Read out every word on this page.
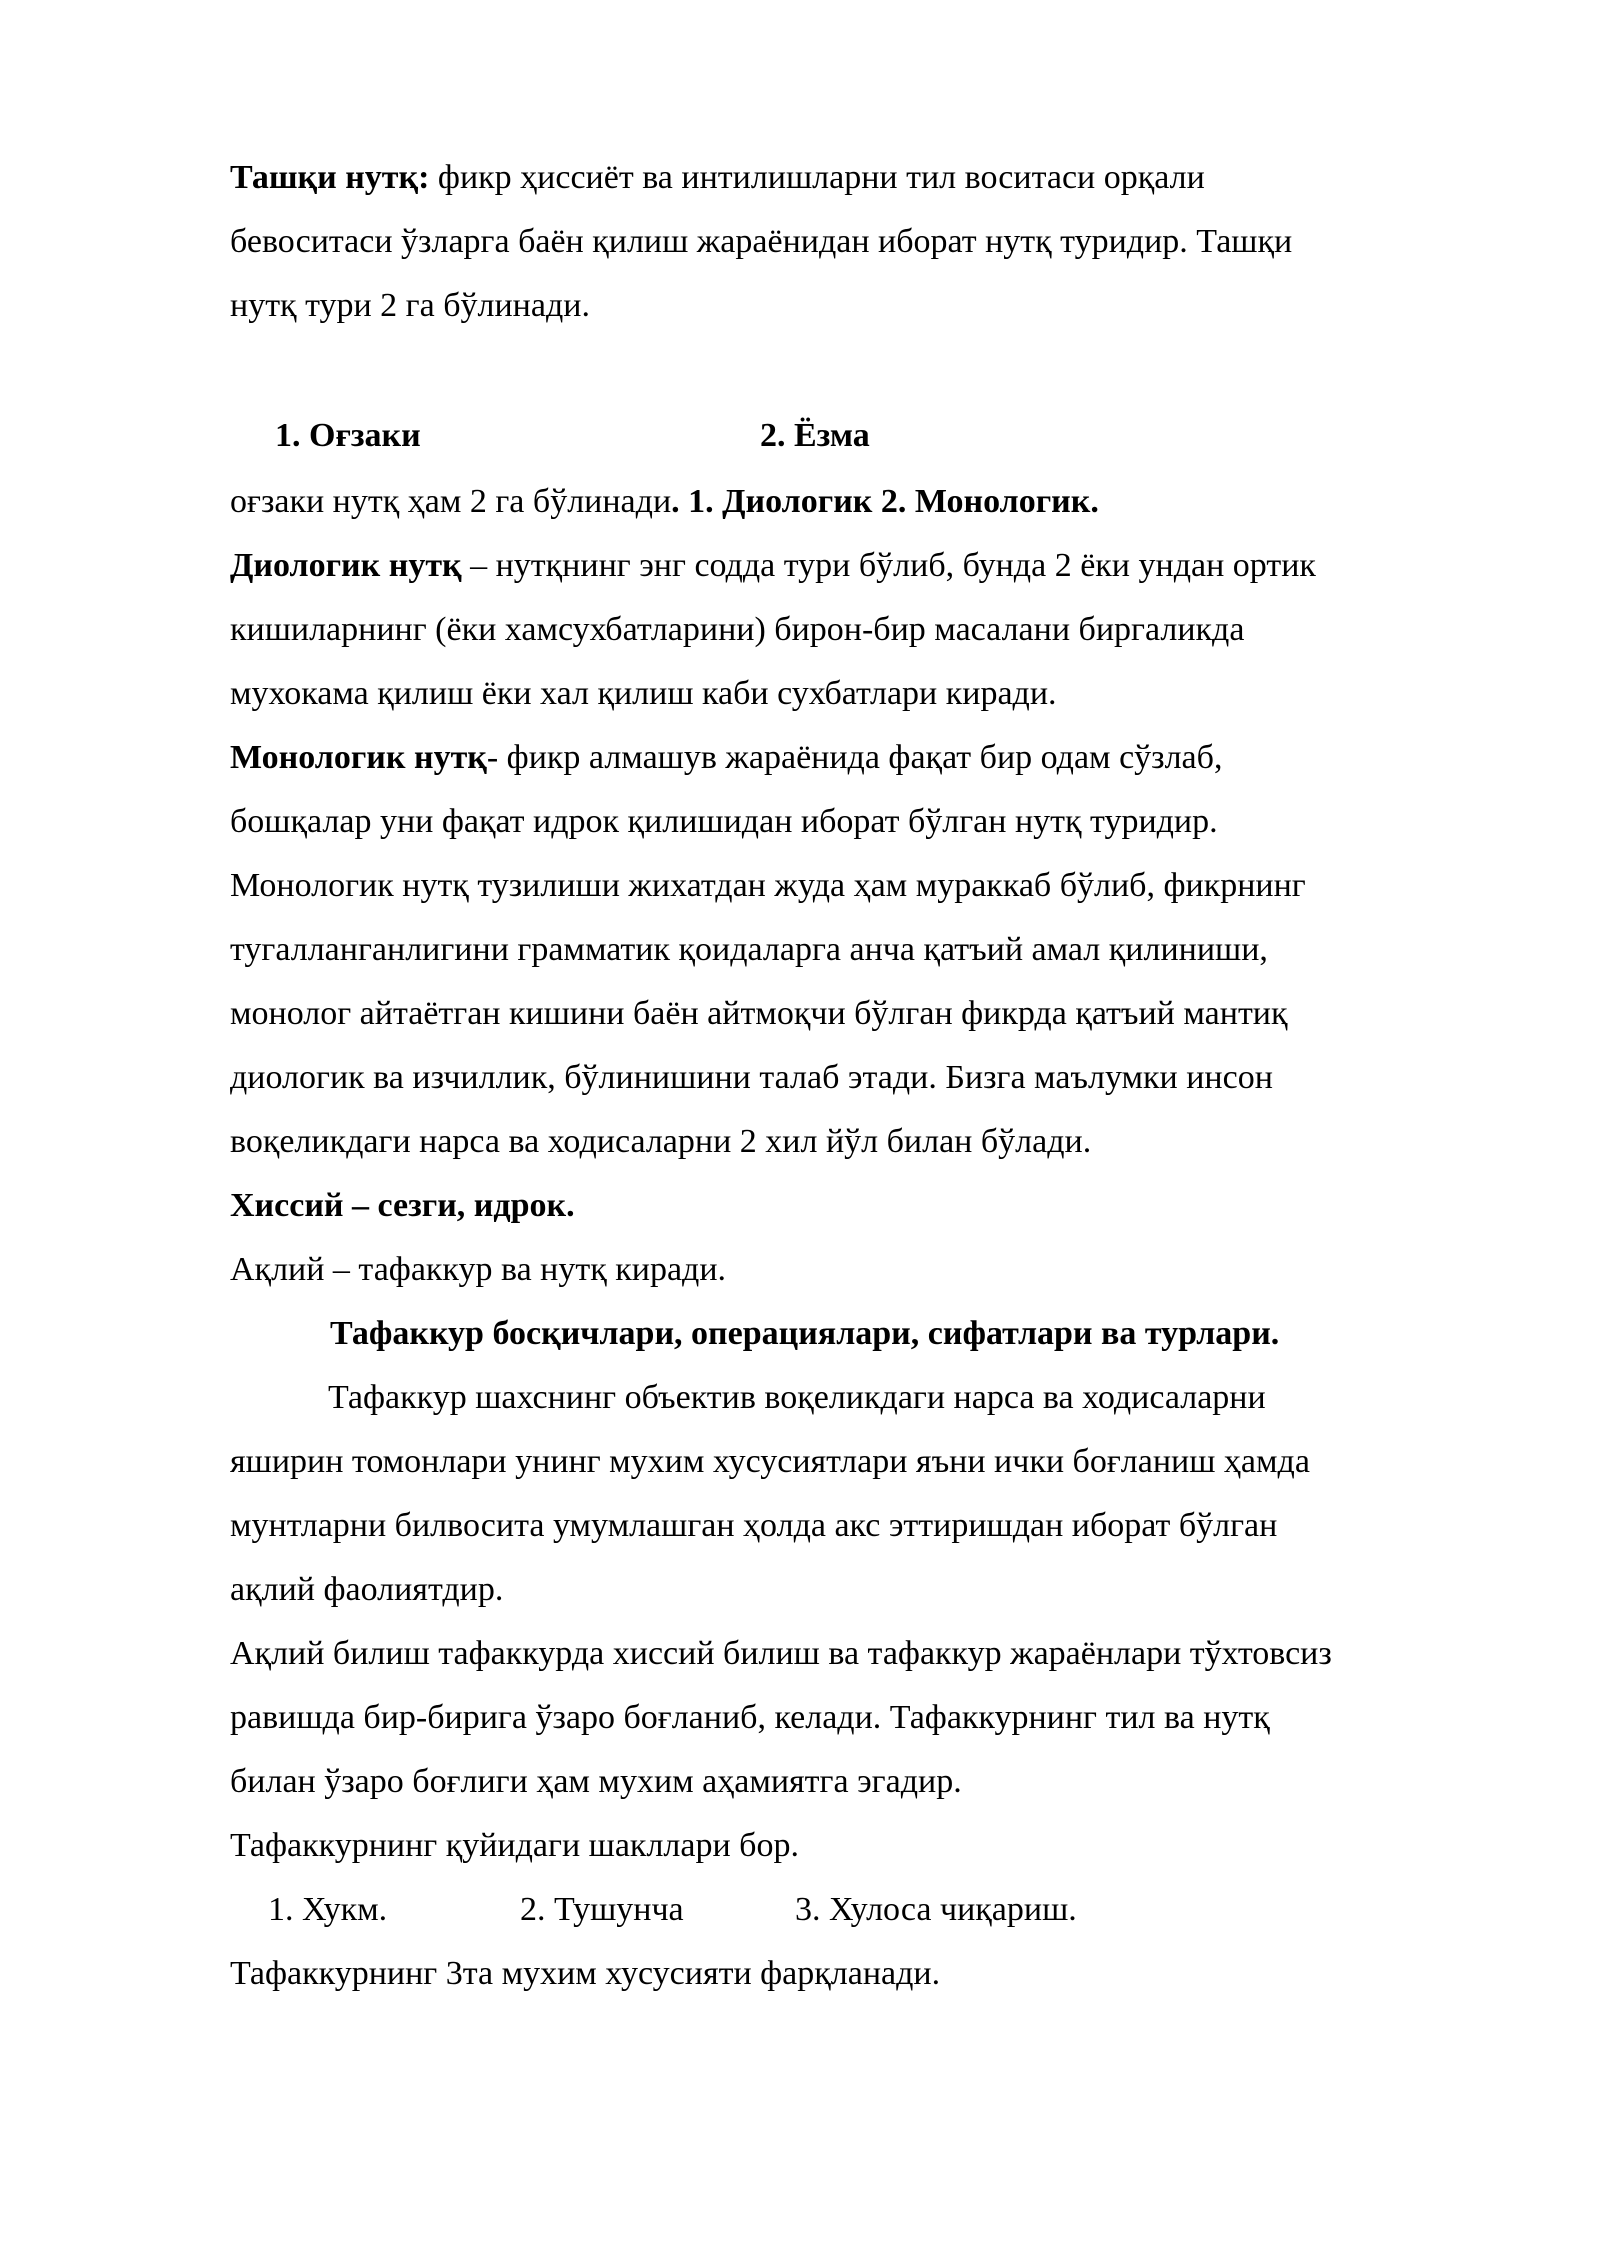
Ташқи нутқ: фикр ҳиссиёт ва интилишларни тил воситаси орқали
бевоситаси ўзларга баён қилиш жараёнидан иборат нутқ туридир. Ташқи
нутқ тури 2 га бўлинади.
1. Оғзаки	2. Ёзма
оғзаки нутқ ҳам 2 га бўлинади. 1. Диологик 2. Монологик.
Диологик нутқ – нутқнинг энг содда тури бўлиб, бунда 2 ёки ундан ортик
кишиларнинг (ёки хамсухбатларини) бирон-бир масалани биргаликда
мухокама қилиш ёки хал қилиш каби сухбатлари киради.
Монологик нутқ- фикр алмашув жараёнида фақат бир одам сўзлаб,
бошқалар уни фақат идрок қилишидан иборат бўлган нутқ туридир.
Монологик нутқ тузилиши жихатдан жуда ҳам мураккаб бўлиб, фикрнинг
тугалланганлигини грамматик қоидаларга анча қатъий амал қилиниши,
монолог айтаётган кишини баён айтмоқчи бўлган фикрда қатъий мантиқ
диологик ва изчиллик, бўлинишини талаб этади. Бизга маълумки инсон
воқеликдаги нарса ва ходисаларни 2 хил йўл билан бўлади.
Хиссий – сезги, идрок.
Ақлий – тафаккур ва нутқ киради.
Тафаккур босқичлари, операциялари, сифатлари ва турлари.
Тафаккур шахснинг объектив воқеликдаги нарса ва ходисаларни
яширин томонлари унинг мухим хусусиятлари яъни ички боғланиш ҳамда
мунтларни билвосита умумлашган ҳолда акс эттиришдан иборат бўлган
ақлий фаолиятдир.
Ақлий билиш тафаккурда хиссий билиш ва тафаккур жараёнлари тўхтовсиз
равишда бир-бирига ўзаро боғланиб, келади. Тафаккурнинг тил ва нутқ
билан ўзаро боғлиги ҳам мухим аҳамиятга эгадир.
Тафаккурнинг қуйидаги шакллари бор.
1. Хукм.	2. Тушунча	3. Хулоса чиқариш.
Тафаккурнинг 3та мухим хусусияти фарқланади.
